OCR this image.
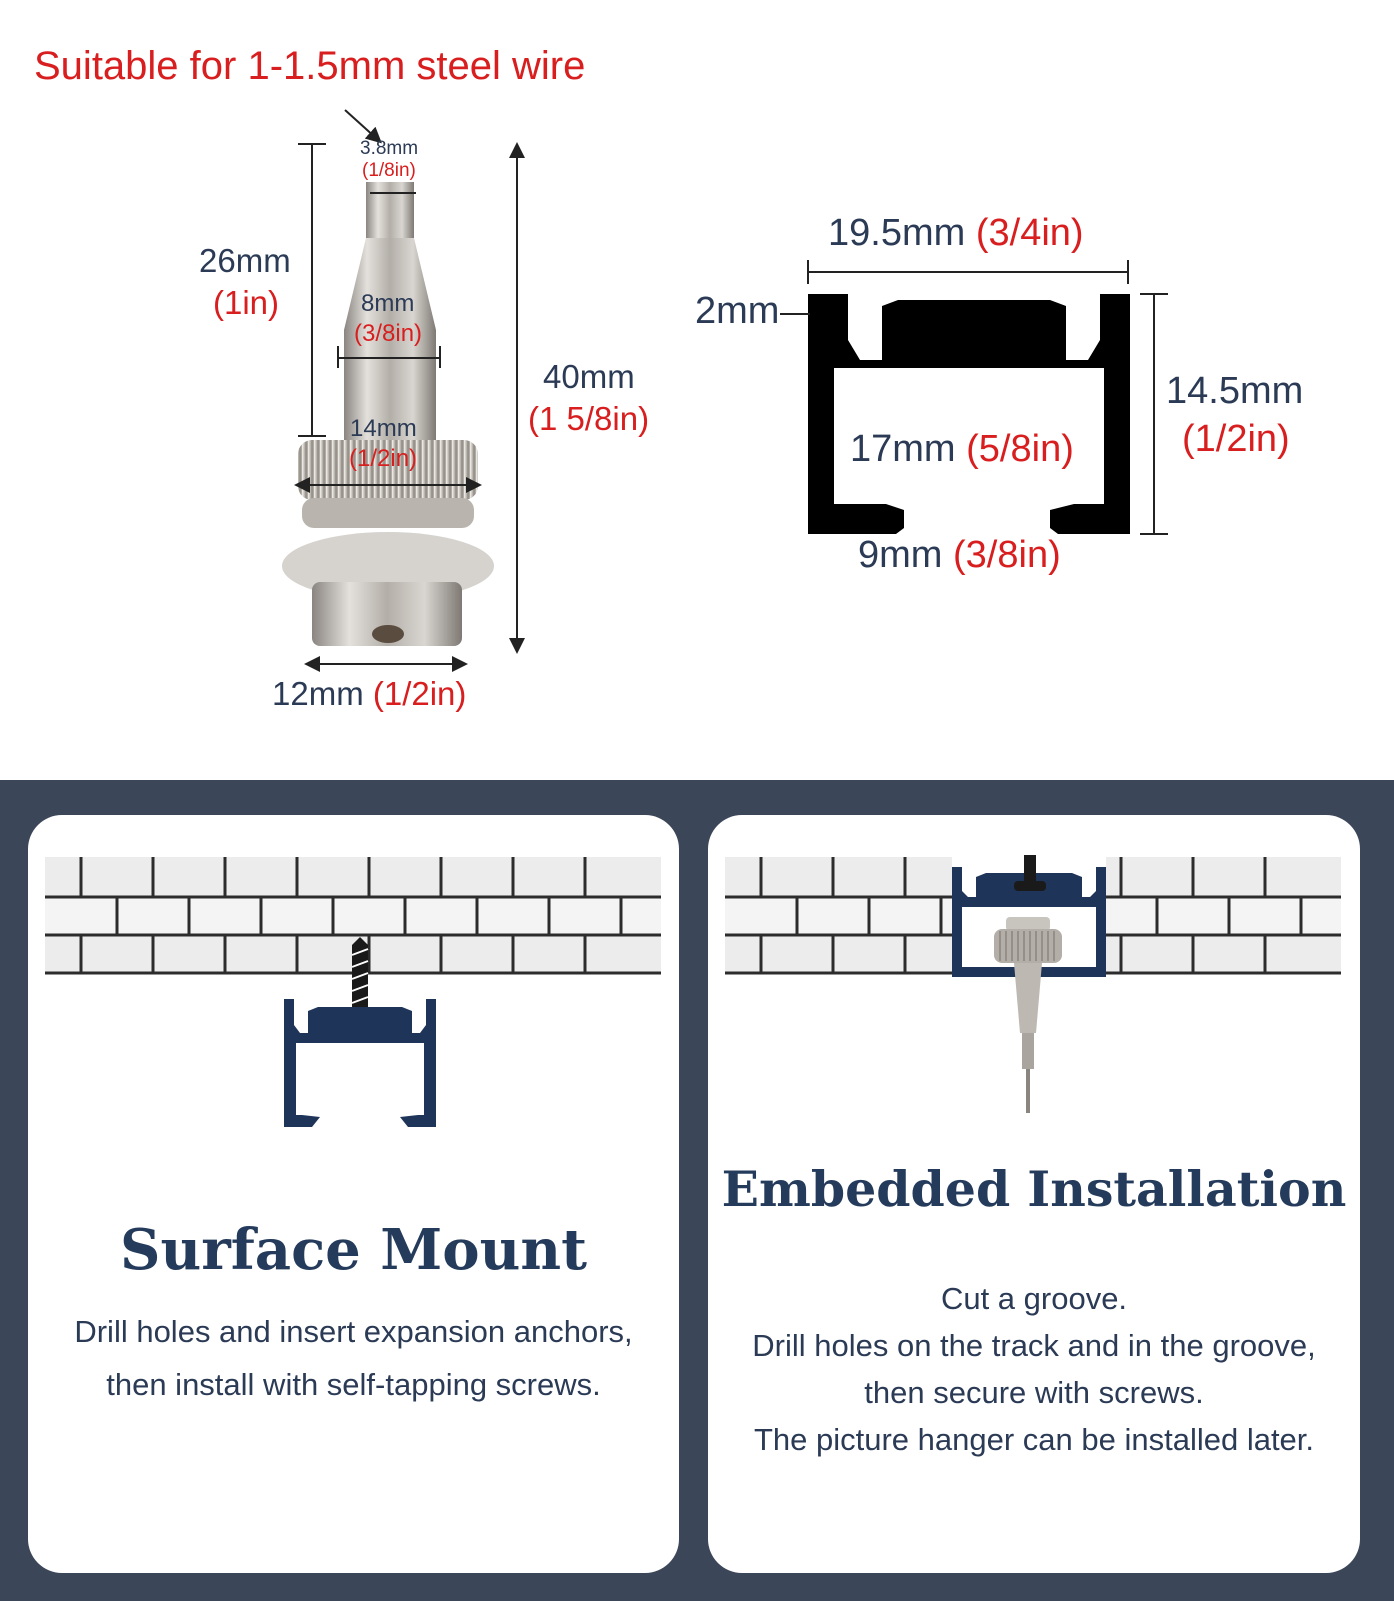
Suitable for 1-1.5mm steel wire
3.8mm
(1/8in)
26mm
(1in)	8mm
(3/8in)
14mm
(1/2in)
40mm
(1 5/8in)
12mm (1/2in)
19.5mm (3/4in)
2mm
14.5mm
(1/2in)
17mm (5/8in)
9mm (3/8in)
Surface Mount
Drill holes and insert expansion anchors,
then install with self-tapping screws.
Embedded Installation
Cut a groove.
Drill holes on the track and in the groove,
then secure with screws.
The picture hanger can be installed later.
